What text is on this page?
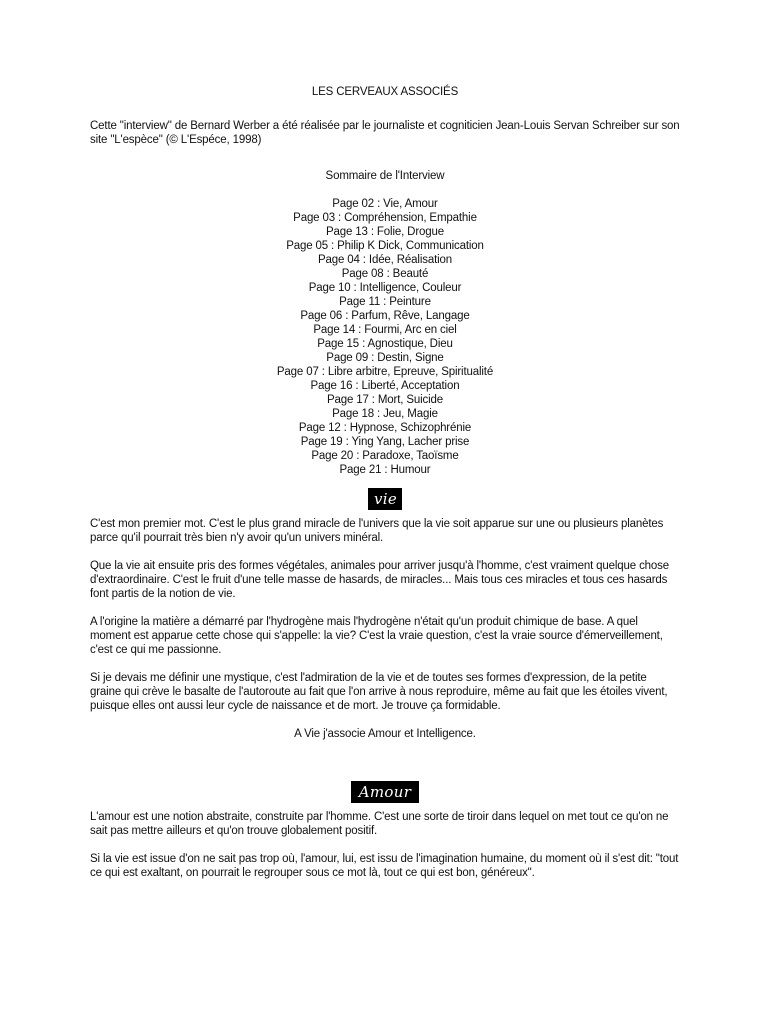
LES CERVEAUX ASSOCIÉS
Cette "interview" de Bernard Werber a été réalisée par le journaliste et cogniticien Jean-Louis Servan Schreiber sur son site "L'espèce" (© L'Espéce, 1998)
Sommaire de l'Interview
Page 02 : Vie, Amour
Page 03 : Compréhension, Empathie
Page 13 : Folie, Drogue
Page 05 : Philip K Dick, Communication
Page 04 : Idée, Réalisation
Page 08 : Beauté
Page 10 : Intelligence, Couleur
Page 11 : Peinture
Page 06 : Parfum, Rêve, Langage
Page 14 : Fourmi, Arc en ciel
Page 15 : Agnostique, Dieu
Page 09 : Destin, Signe
Page 07 : Libre arbitre, Epreuve, Spiritualité
Page 16 : Liberté, Acceptation
Page 17 : Mort, Suicide
Page 18 : Jeu, Magie
Page 12 : Hypnose, Schizophrénie
Page 19 : Ying Yang, Lacher prise
Page 20 : Paradoxe, Taoïsme
Page 21 : Humour
vie

C'est mon premier mot. C'est le plus grand miracle de l'univers que la vie soit apparue sur une ou plusieurs planètes parce qu'il pourrait très bien n'y avoir qu'un univers minéral.

Que la vie ait ensuite pris des formes végétales, animales pour arriver jusqu'à l'homme, c'est vraiment quelque chose d'extraordinaire. C'est le fruit d'une telle masse de hasards, de miracles... Mais tous ces miracles et tous ces hasards font partis de la notion de vie.

A l'origine la matière a démarré par l'hydrogène mais l'hydrogène n'était qu'un produit chimique de base. A quel moment est apparue cette chose qui s'appelle: la vie? C'est la vraie question, c'est la vraie source d'émerveillement, c'est ce qui me passionne.

Si je devais me définir une mystique, c'est l'admiration de la vie et de toutes ses formes d'expression, de la petite graine qui crève le basalte de l'autoroute au fait que l'on arrive à nous reproduire, même au fait que les étoiles vivent, puisque elles ont aussi leur cycle de naissance et de mort. Je trouve ça formidable.

A Vie j'associe Amour et Intelligence.

Amour

L'amour est une notion abstraite, construite par l'homme. C'est une sorte de tiroir dans lequel on met tout ce qu'on ne sait pas mettre ailleurs et qu'on trouve globalement positif.

Si la vie est issue d'on ne sait pas trop où, l'amour, lui, est issu de l'imagination humaine, du moment où il s'est dit: "tout ce qui est exaltant, on pourrait le regrouper sous ce mot là, tout ce qui est bon, généreux".
